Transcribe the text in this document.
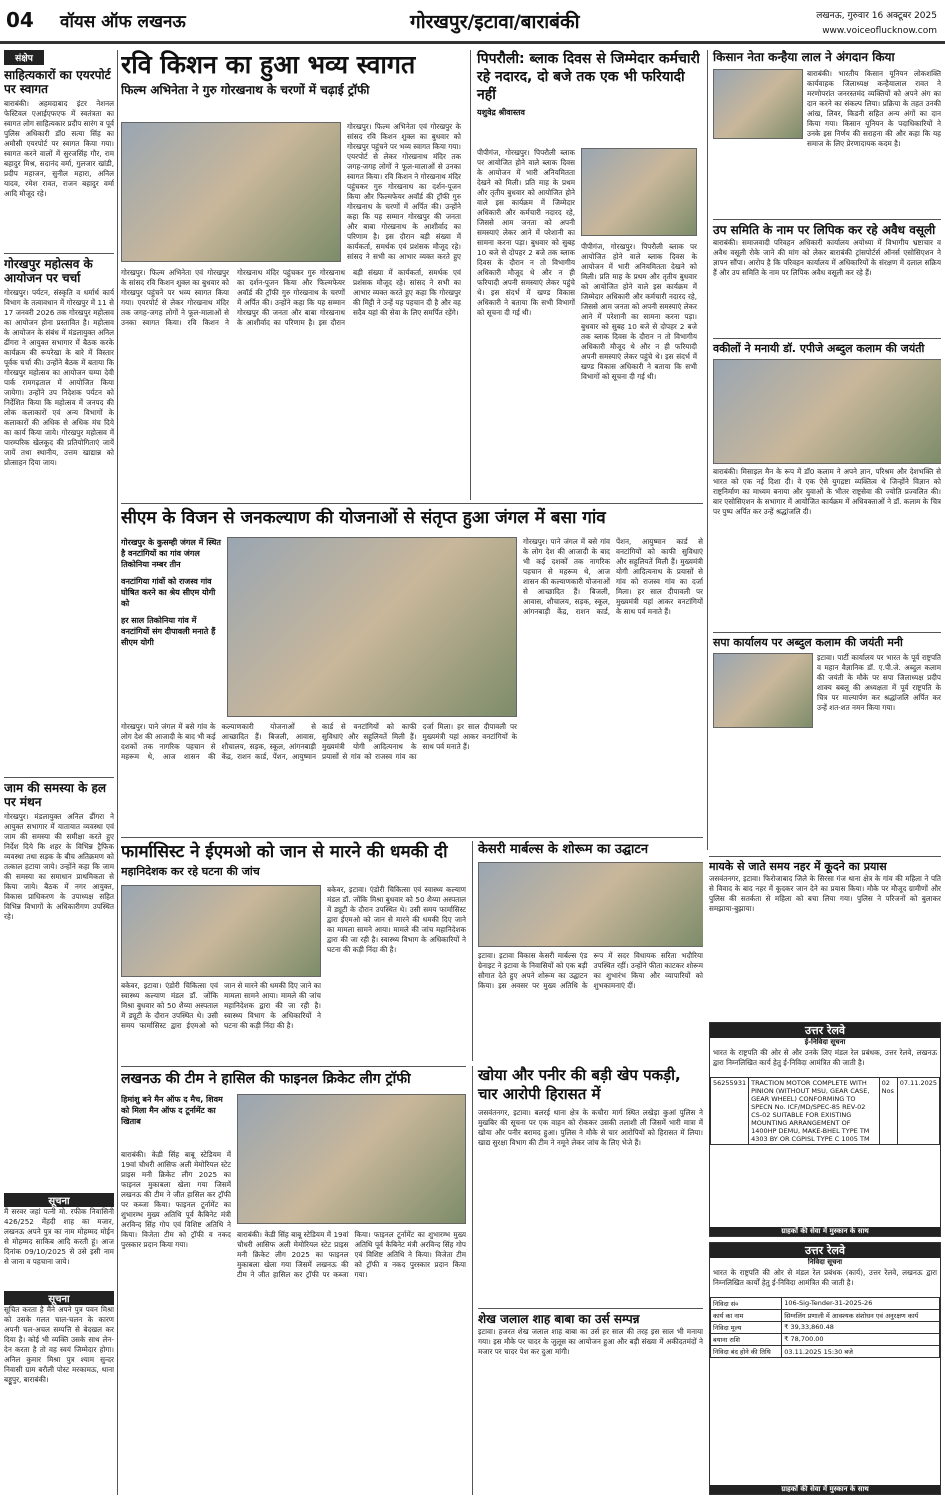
04 वॉयस ऑफ लखनऊ	गोरखपुर/इटावा/बाराबंकी	लखनऊ, गुरुवार 16 अक्टूबर 2025
www.voiceoflucknow.com
संक्षेप
साहित्यकारों का एयरपोर्ट पर स्वागत
बाराबंकी। अहमदाबाद इंटर नेशनल फेस्टिवल एआईएफएफ में स्वतंत्रता का स्वागत लोग साहित्यकार प्रदीप सारंग व पूर्व पुलिस अधिकारी डॉ0 सत्या सिंह का अमौसी एयरपोर्ट पर स्वागत किया गया। स्वागत करने वालों में सुरजसिंह गौर, राम बहादुर मिश्र, सदानंद वर्मा, गुलजार खांडी, प्रदीप महाजन, सुनील महारा, अनिल यादव, रमेश रावत, राजन बहादुर वर्मा आदि मौजूद रहे।
गोरखपुर महोत्सव के आयोजन पर चर्चा
गोरखपुर। पर्यटन, संस्कृति व धर्मार्थ कार्य विभाग के तत्वावधान में गोरखपुर में 11 से 17 जनवरी 2026 तक गोरखपुर महोत्सव का आयोजन होना प्रस्तावित है। महोत्सव के आयोजन के संबंध में मंडलायुक्त अनिल ढींगरा ने आयुक्त सभागार में बैठक करके कार्यक्रम की रूपरेखा के बारे में विस्तार पूर्वक चर्चा की। उन्होंने बैठक में बताया कि गोरखपुर महोत्सव का आयोजन चम्पा देवी पार्क रामगढ़ताल में आयोजित किया जायेगा। उन्होंने उप निदेशक पर्यटन को निर्देशित किया कि महोत्सव में जनपद की लोक कलाकारों एवं अन्य विभागों के कलाकारों की अधिक से अधिक मंच दिये का कार्य किया जाये। गोरखपुर महोत्सव में पारम्परिक खेलकूद की प्रतियोगिताएं जायें जायें तथा स्थानीय, उत्तम खाद्यान्न को प्रोत्साहन दिया जाय।
जाम की समस्या के हल पर मंथन
गोरखपुर। मंडलायुक्त अनिल ढींगरा ने आयुक्त सभागार में यातायात व्यवस्था एवं जाम की समस्या की समीक्षा करते हुए निर्देश दिये कि शहर के विभिन्न ट्रैफिक व्यवस्था तथा सड़क के बीच अतिक्रमण को तत्काल हटाया जाये। उन्होंने कहा कि जाम की समस्या का समाधान प्राथमिकता से किया जाये। बैठक में नगर आयुक्त, विकास प्राधिकरण के उपाध्यक्ष सहित विभिन्न विभागों के अधिकारीगण उपस्थित रहे।
सूचना
मैं सरवर जहां पत्नी मो. रफीक निवासिनी 426/252 मेंहदी शाह का मजार, लखनऊ अपने पुत्र का नाम मोहम्मद मोईन से मोहम्मद साकिब आदि करती हूं। आज दिनांक 09/10/2025 से उसे इसी नाम से जाना व पहचाना जाये।
सूचना
सूचित करता है मैंने अपने पुत्र पवन मिश्रा को उसके गलत चाल-चलन के कारण अपनी चल-अचल सम्पत्ति से बेदखल कर दिया है। कोई भी व्यक्ति उसके साथ लेन-देन करता है तो वह स्वयं जिम्मेदार होगा। अनिल कुमार मिश्रा पुत्र श्याम सुन्दर निवासी ग्राम बरौली पोस्ट मरकामऊ, थाना बड्डूपुर, बाराबंकी।
रवि किशन का हुआ भव्य स्वागत
फिल्म अभिनेता ने गुरु गोरखनाथ के चरणों में चढ़ाई ट्रॉफी
गोरखपुर। फिल्म अभिनेता एवं गोरखपुर के सांसद रवि किशन शुक्ल का बुधवार को गोरखपुर पहुंचने पर भव्य स्वागत किया गया। एयरपोर्ट से लेकर गोरखनाथ मंदिर तक जगह-जगह लोगों ने फूल-मालाओं से उनका स्वागत किया। रवि किशन ने गोरखनाथ मंदिर पहुंचकर गुरु गोरखनाथ का दर्शन-पूजन किया और फिल्मफेयर अवॉर्ड की ट्रॉफी गुरु गोरखनाथ के चरणों में अर्पित की। उन्होंने कहा कि यह सम्मान गोरखपुर की जनता और बाबा गोरखनाथ के आशीर्वाद का परिणाम है। इस दौरान बड़ी संख्या में कार्यकर्ता, समर्थक एवं प्रशंसक मौजूद रहे। सांसद ने सभी का आभार व्यक्त करते हुए
गोरखपुर। फिल्म अभिनेता एवं गोरखपुर के सांसद रवि किशन शुक्ल का बुधवार को गोरखपुर पहुंचने पर भव्य स्वागत किया गया। एयरपोर्ट से लेकर गोरखनाथ मंदिर तक जगह-जगह लोगों ने फूल-मालाओं से उनका स्वागत किया। रवि किशन ने गोरखनाथ मंदिर पहुंचकर गुरु गोरखनाथ का दर्शन-पूजन किया और फिल्मफेयर अवॉर्ड की ट्रॉफी गुरु गोरखनाथ के चरणों में अर्पित की। उन्होंने कहा कि यह सम्मान गोरखपुर की जनता और बाबा गोरखनाथ के आशीर्वाद का परिणाम है। इस दौरान बड़ी संख्या में कार्यकर्ता, समर्थक एवं प्रशंसक मौजूद रहे। सांसद ने सभी का आभार व्यक्त करते हुए कहा कि गोरखपुर की मिट्टी ने उन्हें यह पहचान दी है और वह सदैव यहां की सेवा के लिए समर्पित रहेंगे।
पिपरौली: ब्लाक दिवस से जिम्मेदार कर्मचारी रहे नदारद, दो बजे तक एक भी फरियादी नहीं
यशुवेद्र श्रीवास्तव
पीपीगंज, गोरखपुर। पिपरौली ब्लाक पर आयोजित होने वाले ब्लाक दिवस के आयोजन में भारी अनियमितता देखने को मिली। प्रति माह के प्रथम और तृतीय बुधवार को आयोजित होने वाले इस कार्यक्रम में जिम्मेदार अधिकारी और कर्मचारी नदारद रहे, जिससे आम जनता को अपनी समस्याएं लेकर आने में परेशानी का सामना करना पड़ा। बुधवार को सुबह 10 बजे से दोपहर 2 बजे तक ब्लाक दिवस के दौरान न तो विभागीय अधिकारी मौजूद थे और न ही फरियादी अपनी समस्याएं लेकर पहुंचे थे। इस संदर्भ में खण्ड विकास अधिकारी ने बताया कि सभी विभागों को सूचना दी गई थी।
पीपीगंज, गोरखपुर। पिपरौली ब्लाक पर आयोजित होने वाले ब्लाक दिवस के आयोजन में भारी अनियमितता देखने को मिली। प्रति माह के प्रथम और तृतीय बुधवार को आयोजित होने वाले इस कार्यक्रम में जिम्मेदार अधिकारी और कर्मचारी नदारद रहे, जिससे आम जनता को अपनी समस्याएं लेकर आने में परेशानी का सामना करना पड़ा। बुधवार को सुबह 10 बजे से दोपहर 2 बजे तक ब्लाक दिवस के दौरान न तो विभागीय अधिकारी मौजूद थे और न ही फरियादी अपनी समस्याएं लेकर पहुंचे थे। इस संदर्भ में खण्ड विकास अधिकारी ने बताया कि सभी विभागों को सूचना दी गई थी।
किसान नेता कन्हैया लाल ने अंगदान किया
बाराबंकी। भारतीय किसान यूनियन लोकशक्ति कार्यवाहक जिलाध्यक्ष कन्हैयालाल रावत ने मरणोपरांत जनरस्तमंद व्यक्तियों को अपने अंग का दान करने का संकल्प लिया। प्रक्रिया के तहत उनकी आंख, लिवर, किडनी सहित अन्य अंगों का दान किया गया। किसान यूनियन के पदाधिकारियों ने उनके इस निर्णय की सराहना की और कहा कि यह समाज के लिए प्रेरणादायक कदम है।
उप समिति के नाम पर लिपिक कर रहे अवैध वसूली
बाराबंकी। समाजवादी परिवहन अधिकारी कार्यालय अयोध्या में विभागीय भ्रष्टाचार व अवैध वसूली रोके जाने की मांग को लेकर बाराबंकी ट्रांसपोर्टर्स ऑनर्स एसोसिएशन ने ज्ञापन सौंपा। आरोप है कि परिवहन कार्यालय में अधिकारियों के संरक्षण में दलाल सक्रिय हैं और उप समिति के नाम पर लिपिक अवैध वसूली कर रहे हैं।
वकीलों ने मनायी डॉ. एपीजे अब्दुल कलाम की जयंती
बाराबंकी। मिसाइल मैन के रूप में डॉ0 कलाम ने अपने ज्ञान, परिश्रम और देशभक्ति से भारत को एक नई दिशा दी। वे एक ऐसे युगद्रष्टा व्यक्तित्व थे जिन्होंने विज्ञान को राष्ट्रनिर्माण का माध्यम बनाया और युवाओं के भीतर राष्ट्रसेवा की ज्योति प्रज्वलित की। बार एसोसिएशन के सभागार में आयोजित कार्यक्रम में अधिवक्ताओं ने डॉ. कलाम के चित्र पर पुष्प अर्पित कर उन्हें श्रद्धांजलि दी।
सपा कार्यालय पर अब्दुल कलाम की जयंती मनी
इटावा। पार्टी कार्यालय पर भारत के पूर्व राष्ट्रपति व महान वैज्ञानिक डॉ. ए.पी.जे. अब्दुल कलाम की जयंती के मौके पर सपा जिलाध्यक्ष प्रदीप शाक्य बबलू की अध्यक्षता में पूर्व राष्ट्रपति के चित्र पर माल्यार्पण कर श्रद्धांजलि अर्पित कर उन्हें शत-शत नमन किया गया।
सीएम के विजन से जनकल्याण की योजनाओं से संतृप्त हुआ जंगल में बसा गांव
गोरखपुर के कुसम्ही जंगल में स्थित है वनटांगियों का गांव जंगल तिकोनिया नम्बर तीन
वनटांगिया गांवों को राजस्व गांव घोषित करने का श्रेय सीएम योगी को
हर साल तिकोनिया गांव में वनटांगियों संग दीपावली मनाते हैं सीएम योगी
गोरखपुर। पाने जंगल में बसे गांव के लोग देश की आजादी के बाद भी कई दशकों तक नागरिक पहचान से महरूम थे, आज शासन की कल्याणकारी योजनाओं से आच्छादित हैं। बिजली, आवास, शौचालय, सड़क, स्कूल, आंगनबाड़ी केंद्र, राशन कार्ड, पेंशन, आयुष्मान कार्ड से वनटांगियों को काफी सुविधाएं और सहूलियतें मिली हैं। मुख्यमंत्री योगी आदित्यनाथ के प्रयासों से गांव को राजस्व गांव का दर्जा मिला। हर साल दीपावली पर मुख्यमंत्री यहां आकर वनटांगियों के साथ पर्व मनाते हैं।
गोरखपुर। पाने जंगल में बसे गांव के लोग देश की आजादी के बाद भी कई दशकों तक नागरिक पहचान से महरूम थे, आज शासन की कल्याणकारी योजनाओं से आच्छादित हैं। बिजली, आवास, शौचालय, सड़क, स्कूल, आंगनबाड़ी केंद्र, राशन कार्ड, पेंशन, आयुष्मान कार्ड से वनटांगियों को काफी सुविधाएं और सहूलियतें मिली हैं। मुख्यमंत्री योगी आदित्यनाथ के प्रयासों से गांव को राजस्व गांव का दर्जा मिला। हर साल दीपावली पर मुख्यमंत्री यहां आकर वनटांगियों के साथ पर्व मनाते हैं।
फार्मासिस्ट ने ईएमओ को जान से मारने की धमकी दी
महानिदेशक कर रहे घटना की जांच
बकेवर, इटावा। एंडोरी चिकित्सा एवं स्वास्थ्य कल्याण मंडल डॉ. जोंकि मिश्रा बुधवार को 50 शैय्या अस्पताल में ड्यूटी के दौरान उपस्थित थे। उसी समय फार्मासिस्ट द्वारा ईएमओ को जान से मारने की धमकी दिए जाने का मामला सामने आया। मामले की जांच महानिदेशक द्वारा की जा रही है। स्वास्थ्य विभाग के अधिकारियों ने घटना की कड़ी निंदा की है।
बकेवर, इटावा। एंडोरी चिकित्सा एवं स्वास्थ्य कल्याण मंडल डॉ. जोंकि मिश्रा बुधवार को 50 शैय्या अस्पताल में ड्यूटी के दौरान उपस्थित थे। उसी समय फार्मासिस्ट द्वारा ईएमओ को जान से मारने की धमकी दिए जाने का मामला सामने आया। मामले की जांच महानिदेशक द्वारा की जा रही है। स्वास्थ्य विभाग के अधिकारियों ने घटना की कड़ी निंदा की है।
केसरी मार्बल्स के शोरूम का उद्घाटन
इटावा। इटावा विकास केसरी मार्बल्स एंड ग्रेनाइट ने इटावा के निवासियों को एक बड़ी सौगात देते हुए अपने शोरूम का उद्घाटन किया। इस अवसर पर मुख्य अतिथि के रूप में सदर विधायक सरिता भदौरिया उपस्थित रहीं। उन्होंने फीता काटकर शोरूम का शुभारंभ किया और व्यापारियों को शुभकामनाएं दीं।
लखनऊ की टीम ने हासिल की फाइनल क्रिकेट लीग ट्रॉफी
हिमांशु बने मैन ऑफ द मैच, शिवम को मिला मैन ऑफ द टूर्नामेंट का खिताब
बाराबंकी। केडी सिंह बाबू स्टेडियम में 19वां चौधरी आसिफ अली मेमोरियल स्टेट प्राइस मनी क्रिकेट लीग 2025 का फाइनल मुकाबला खेला गया जिसमें लखनऊ की टीम ने जीत हासिल कर ट्रॉफी पर कब्जा किया। फाइनल टूर्नामेंट का शुभारम्भ मुख्य अतिथि पूर्व कैबिनेट मंत्री अरविन्द सिंह गोप एवं विशिष्ट अतिथि ने किया। विजेता टीम को ट्रॉफी व नकद पुरस्कार प्रदान किया गया।
बाराबंकी। केडी सिंह बाबू स्टेडियम में 19वां चौधरी आसिफ अली मेमोरियल स्टेट प्राइस मनी क्रिकेट लीग 2025 का फाइनल मुकाबला खेला गया जिसमें लखनऊ की टीम ने जीत हासिल कर ट्रॉफी पर कब्जा किया। फाइनल टूर्नामेंट का शुभारम्भ मुख्य अतिथि पूर्व कैबिनेट मंत्री अरविन्द सिंह गोप एवं विशिष्ट अतिथि ने किया। विजेता टीम को ट्रॉफी व नकद पुरस्कार प्रदान किया गया।
खोया और पनीर की बड़ी खेप पकड़ी, चार आरोपी हिरासत में
जसवंतनगर, इटावा। बलरई थाना क्षेत्र के कचौरा मार्ग स्थित लखेड़ा कुआं पुलिस ने मुखबिर की सूचना पर एक वाहन को रोककर उसकी तलाशी ली जिसमें भारी मात्रा में खोया और पनीर बरामद हुआ। पुलिस ने मौके से चार आरोपियों को हिरासत में लिया। खाद्य सुरक्षा विभाग की टीम ने नमूने लेकर जांच के लिए भेजे हैं।
शेख जलाल शाह बाबा का उर्स सम्पन्न
इटावा। हजरत शेख जलाल शाह बाबा का उर्स हर साल की तरह इस साल भी मनाया गया। इस मौके पर चादर के जुलूस का आयोजन हुआ और बड़ी संख्या में अकीदतमंदों ने मजार पर चादर पेश कर दुआ मांगी।
मायके से जाते समय नहर में कूदने का प्रयास
जसवंतनगर, इटावा। फिरोजाबाद जिले के सिरसा गंज थाना क्षेत्र के गांव की महिला ने पति से विवाद के बाद नहर में कूदकर जान देने का प्रयास किया। मौके पर मौजूद ग्रामीणों और पुलिस की सतर्कता से महिला को बचा लिया गया। पुलिस ने परिजनों को बुलाकर समझाया-बुझाया।
उत्तर रेलवे
ई-निविदा सूचना
भारत के राष्ट्रपति की ओर से और उनके लिए मंडल रेल प्रबंधक, उत्तर रेलवे, लखनऊ द्वारा निम्नलिखित कार्य हेतु ई-निविदा आमंत्रित की जाती है।
56255931	TRACTION MOTOR COMPLETE WITH PINION (WITHOUT MSU, GEAR CASE, GEAR WHEEL) CONFORMING TO SPECN No. ICF/MD/SPEC-85 REV-02 CS-02 SUITABLE FOR EXISTING MOUNTING ARRANGEMENT OF 1400HP DEMU, MAKE-BHEL TYPE TM 4303 BY OR CGPISL TYPE C 1005 TM	02 Nos	07.11.2025
ग्राहकों की सेवा में मुस्कान के साथ
उत्तर रेलवे
निविदा सूचना
भारत के राष्ट्रपति की ओर से मंडल रेल प्रबंधक (कार्य), उत्तर रेलवे, लखनऊ द्वारा निम्नलिखित कार्यों हेतु ई-निविदा आमंत्रित की जाती है।
निविदा सं०	106-Sig-Tender-31-2025-26
कार्य का नाम	सिग्नलिंग प्रणाली में आवश्यक संशोधन एवं अनुरक्षण कार्य
निविदा मूल्य	₹ 39,33,860.48
बयाना राशि	₹ 78,700.00
निविदा बंद होने की तिथि	03.11.2025 15:30 बजे
ग्राहकों की सेवा में मुस्कान के साथ
